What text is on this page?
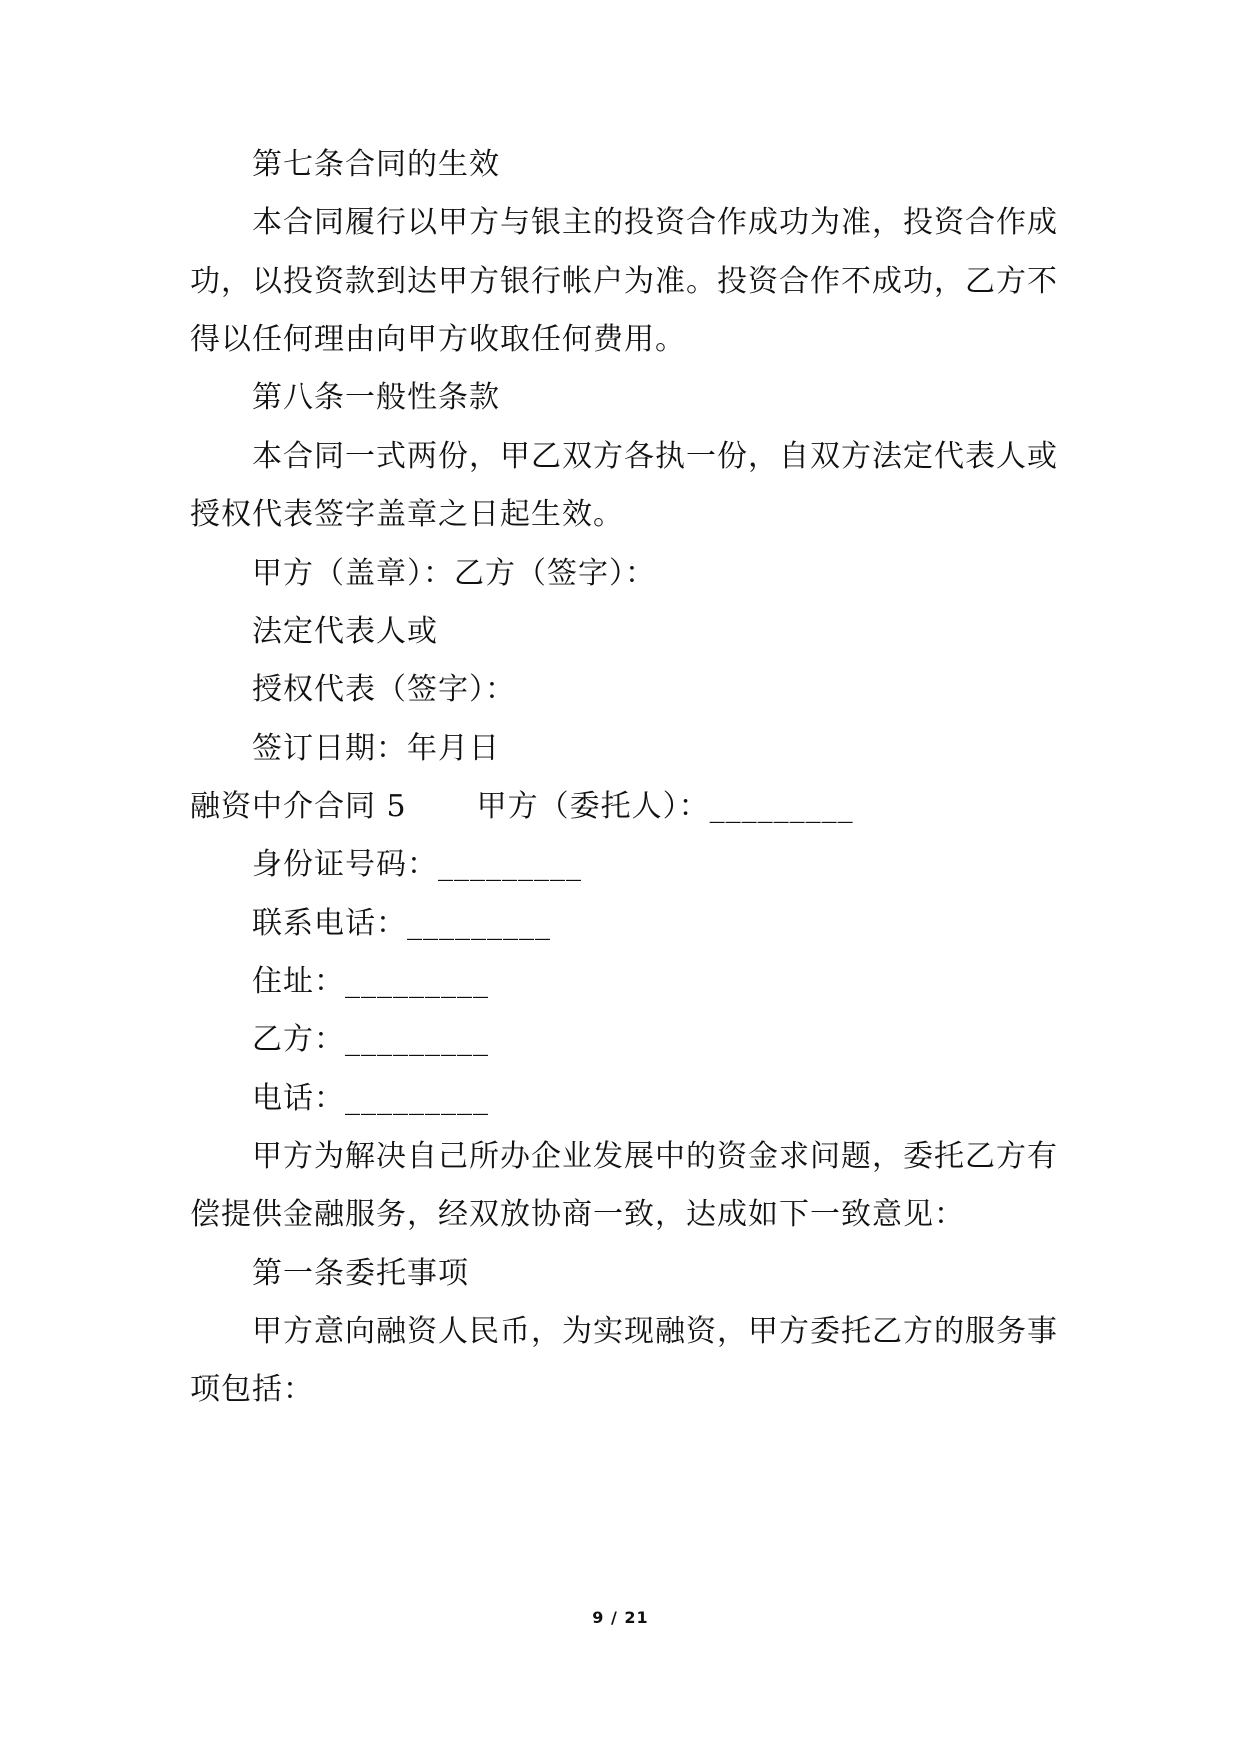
第七条合同的生效
本合同履行以甲方与银主的投资合作成功为准，投资合作成
功，以投资款到达甲方银行帐户为准。投资合作不成功，乙方不
得以任何理由向甲方收取任何费用。
第八条一般性条款
本合同一式两份，甲乙双方各执一份，自双方法定代表人或
授权代表签字盖章之日起生效。
甲方（盖章）：乙方（签字）：
法定代表人或
授权代表（签字）：
签订日期：年月日
融资中介合同 5 甲方（委托人）：_________
身份证号码：_________
联系电话：_________
住址：_________
乙方：_________
电话：_________
甲方为解决自己所办企业发展中的资金求问题，委托乙方有
偿提供金融服务，经双放协商一致，达成如下一致意见：
第一条委托事项
甲方意向融资人民币，为实现融资，甲方委托乙方的服务事
项包括：
9 / 21
